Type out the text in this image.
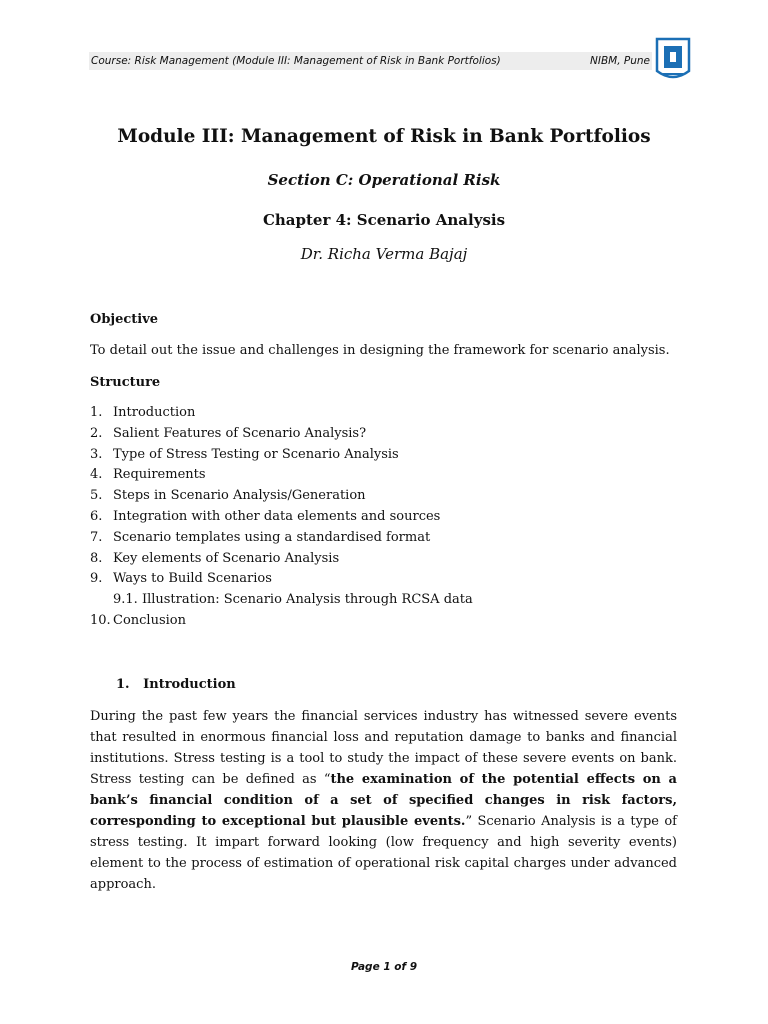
Course: Risk Management (Module III: Management of Risk in Bank Portfolios)	NIBM, Pune
Module III: Management of Risk in Bank Portfolios
Section C: Operational Risk
Chapter 4: Scenario Analysis
Dr. Richa Verma Bajaj
Objective
To detail out the issue and challenges in designing the framework for scenario analysis.
Structure
1. Introduction
2. Salient Features of Scenario Analysis?
3. Type of Stress Testing or Scenario Analysis
4. Requirements
5. Steps in Scenario Analysis/Generation
6. Integration with other data elements and sources
7. Scenario templates using a standardised format
8. Key elements of Scenario Analysis
9. Ways to Build Scenarios
9.1. Illustration: Scenario Analysis through RCSA data
10. Conclusion
1. Introduction
During the past few years the financial services industry has witnessed severe events that resulted in enormous financial loss and reputation damage to banks and financial institutions. Stress testing is a tool to study the impact of these severe events on bank. Stress testing can be defined as “the examination of the potential effects on a bank’s financial condition of a set of specified changes in risk factors, corresponding to exceptional but plausible events.” Scenario Analysis is a type of stress testing. It impart forward looking (low frequency and high severity events) element to the process of estimation of operational risk capital charges under advanced approach.
Page 1 of 9
